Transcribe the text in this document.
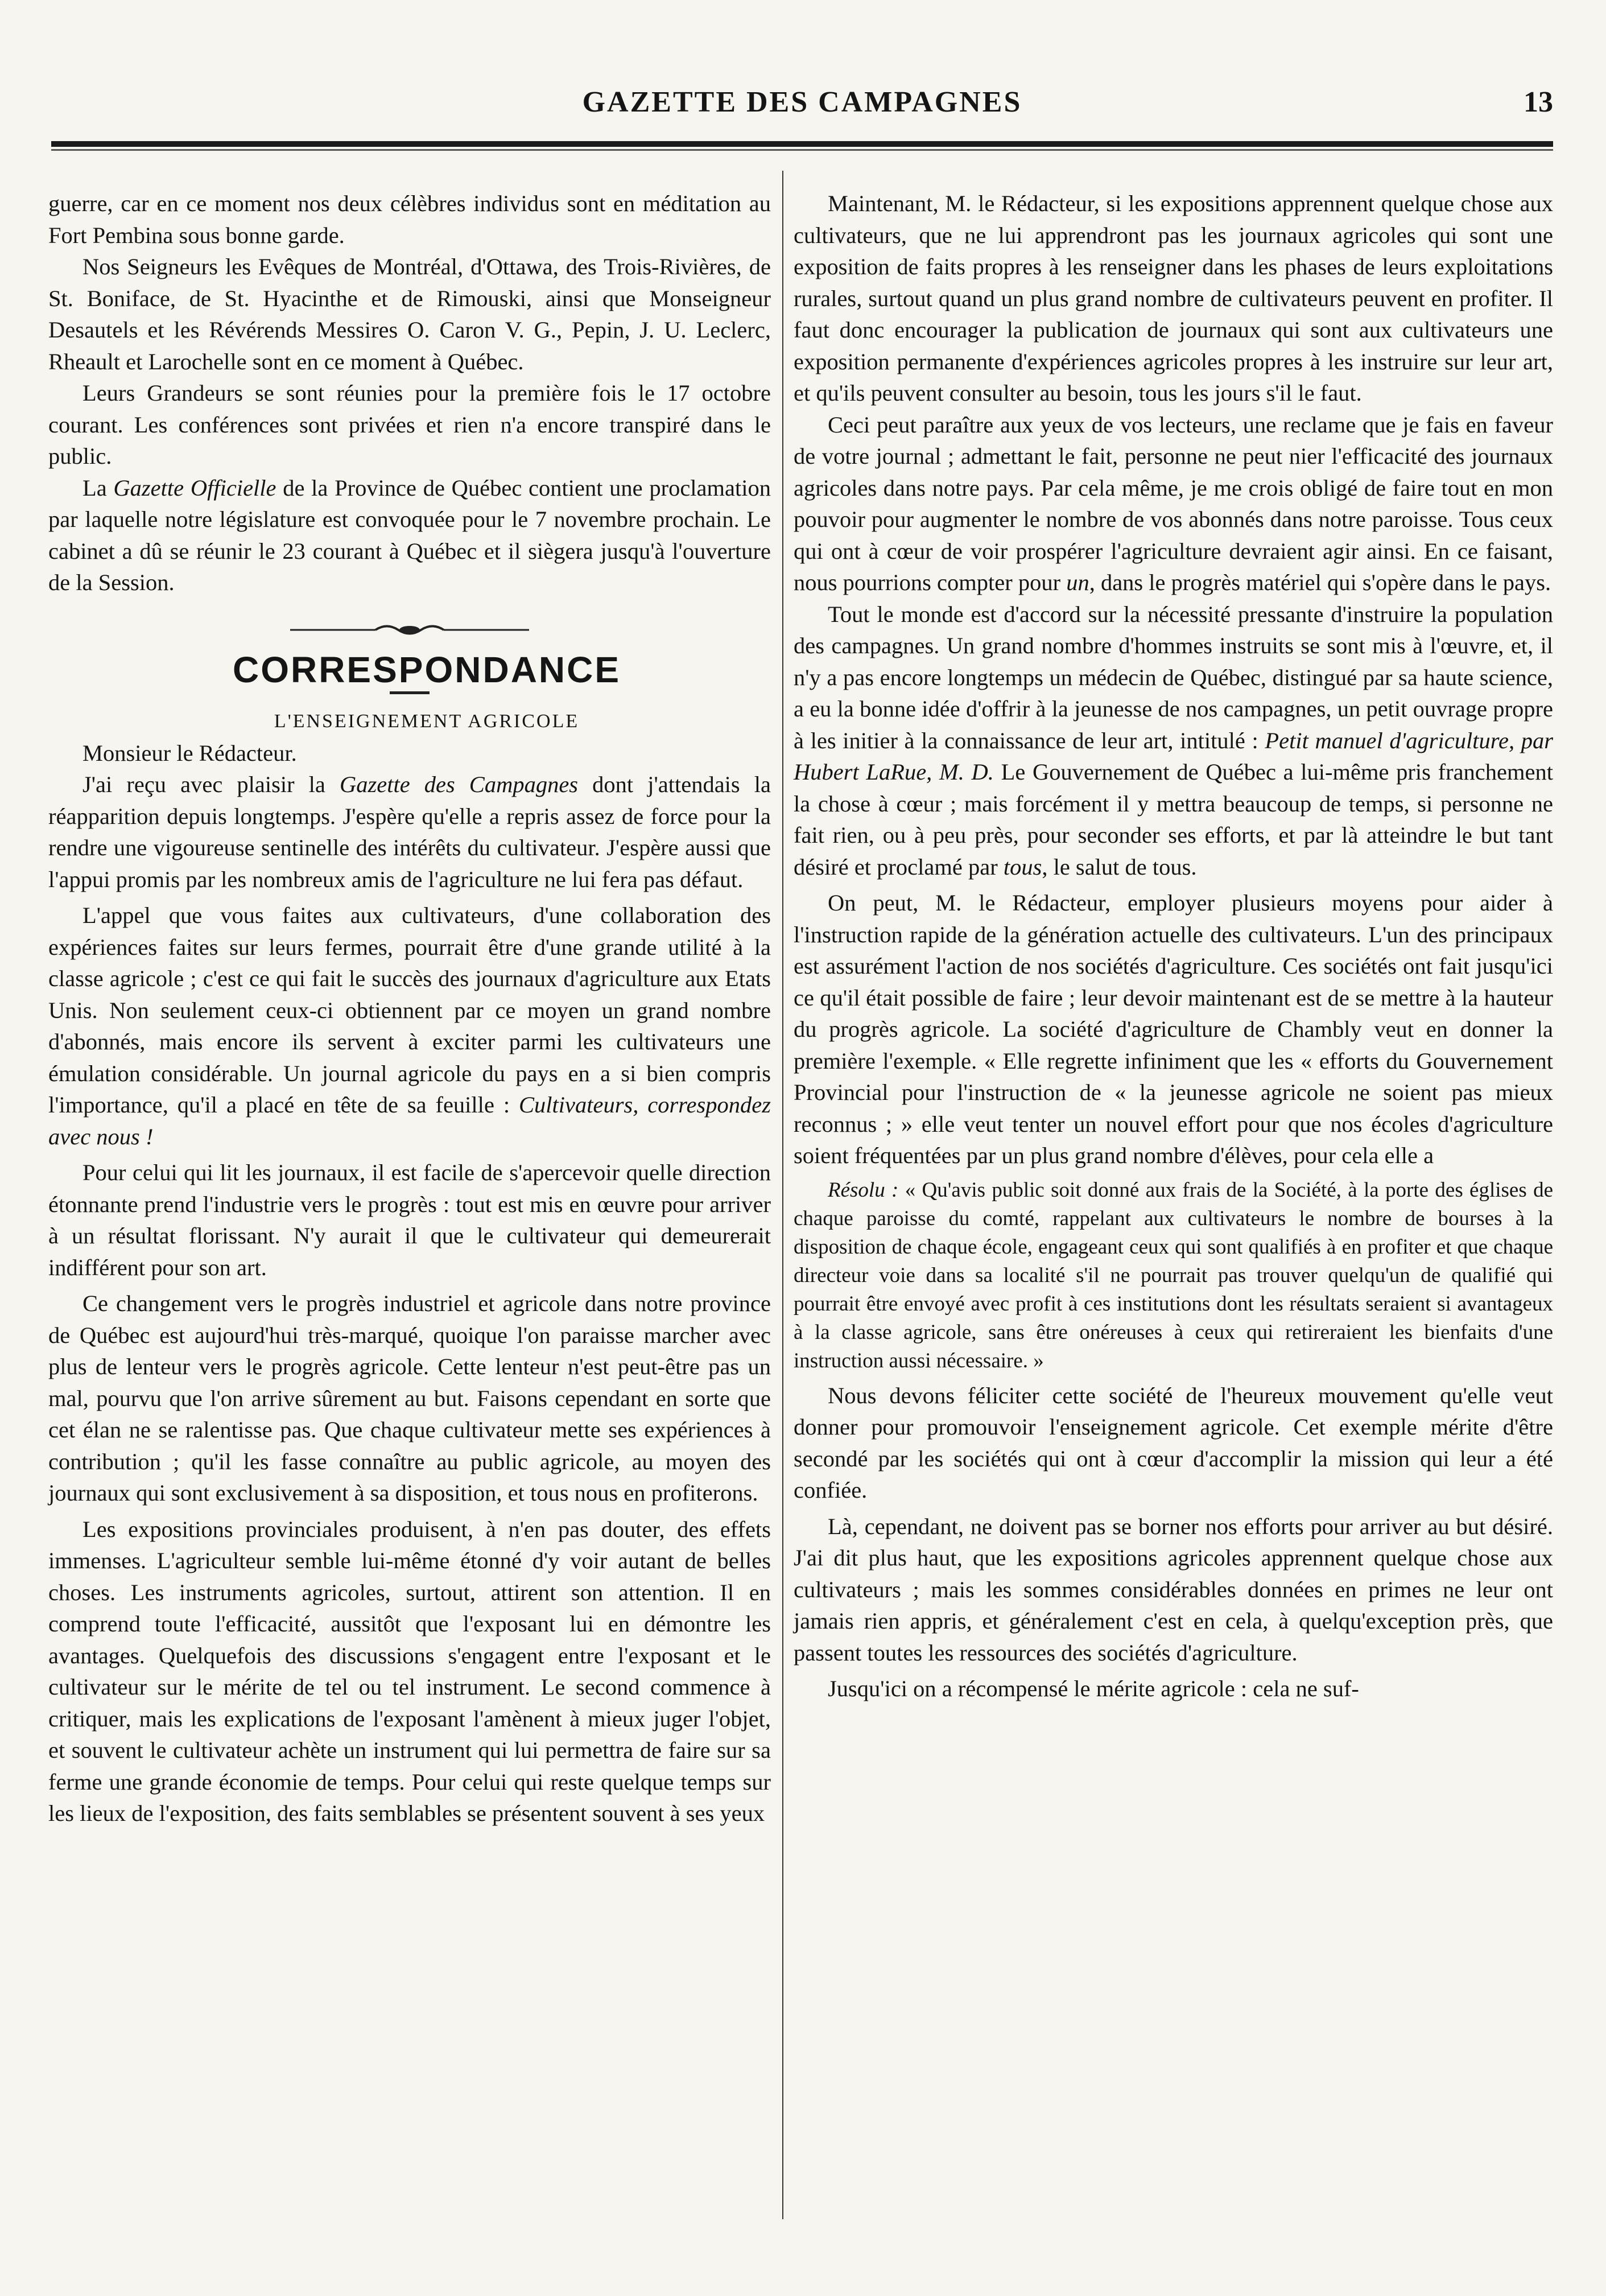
GAZETTE DES CAMPAGNES	13

guerre, car en ce moment nos deux célèbres individus sont en méditation au Fort Pembina sous bonne garde.

Nos Seigneurs les Evêques de Montréal, d'Ottawa, des Trois-Rivières, de St. Boniface, de St. Hyacinthe et de Rimouski, ainsi que Monseigneur Desautels et les Révérends Messires O. Caron V. G., Pepin, J. U. Leclerc, Rheault et Larochelle sont en ce moment à Québec.

Leurs Grandeurs se sont réunies pour la première fois le 17 octobre courant. Les conférences sont privées et rien n'a encore transpiré dans le public.

La Gazette Officielle de la Province de Québec contient une proclamation par laquelle notre législature est convoquée pour le 7 novembre prochain. Le cabinet a dû se réunir le 23 courant à Québec et il siègera jusqu'à l'ouverture de la Session.

CORRESPONDANCE

L'ENSEIGNEMENT AGRICOLE

Monsieur le Rédacteur.

J'ai reçu avec plaisir la Gazette des Campagnes dont j'attendais la réapparition depuis longtemps. J'espère qu'elle a repris assez de force pour la rendre une vigoureuse sentinelle des intérêts du cultivateur. J'espère aussi que l'appui promis par les nombreux amis de l'agriculture ne lui fera pas défaut.

L'appel que vous faites aux cultivateurs, d'une collaboration des expériences faites sur leurs fermes, pourrait être d'une grande utilité à la classe agricole ; c'est ce qui fait le succès des journaux d'agriculture aux Etats Unis. Non seulement ceux-ci obtiennent par ce moyen un grand nombre d'abonnés, mais encore ils servent à exciter parmi les cultivateurs une émulation considérable. Un journal agricole du pays en a si bien compris l'importance, qu'il a placé en tête de sa feuille : Cultivateurs, correspondez avec nous !

Pour celui qui lit les journaux, il est facile de s'apercevoir quelle direction étonnante prend l'industrie vers le progrès : tout est mis en œuvre pour arriver à un résultat florissant. N'y aurait il que le cultivateur qui demeurerait indifférent pour son art.

Ce changement vers le progrès industriel et agricole dans notre province de Québec est aujourd'hui très-marqué, quoique l'on paraisse marcher avec plus de lenteur vers le progrès agricole. Cette lenteur n'est peut-être pas un mal, pourvu que l'on arrive sûrement au but. Faisons cependant en sorte que cet élan ne se ralentisse pas. Que chaque cultivateur mette ses expériences à contribution ; qu'il les fasse connaître au public agricole, au moyen des journaux qui sont exclusivement à sa disposition, et tous nous en profiterons.

Les expositions provinciales produisent, à n'en pas douter, des effets immenses. L'agriculteur semble lui-même étonné d'y voir autant de belles choses. Les instruments agricoles, surtout, attirent son attention. Il en comprend toute l'efficacité, aussitôt que l'exposant lui en démontre les avantages. Quelquefois des discussions s'engagent entre l'exposant et le cultivateur sur le mérite de tel ou tel instrument. Le second commence à critiquer, mais les explications de l'exposant l'amènent à mieux juger l'objet, et souvent le cultivateur achète un instrument qui lui permettra de faire sur sa ferme une grande économie de temps. Pour celui qui reste quelque temps sur les lieux de l'exposition, des faits semblables se présentent souvent à ses yeux

Maintenant, M. le Rédacteur, si les expositions apprennent quelque chose aux cultivateurs, que ne lui apprendront pas les journaux agricoles qui sont une exposition de faits propres à les renseigner dans les phases de leurs exploitations rurales, surtout quand un plus grand nombre de cultivateurs peuvent en profiter. Il faut donc encourager la publication de journaux qui sont aux cultivateurs une exposition permanente d'expériences agricoles propres à les instruire sur leur art, et qu'ils peuvent consulter au besoin, tous les jours s'il le faut.

Ceci peut paraître aux yeux de vos lecteurs, une reclame que je fais en faveur de votre journal ; admettant le fait, personne ne peut nier l'efficacité des journaux agricoles dans notre pays. Par cela même, je me crois obligé de faire tout en mon pouvoir pour augmenter le nombre de vos abonnés dans notre paroisse. Tous ceux qui ont à cœur de voir prospérer l'agriculture devraient agir ainsi. En ce faisant, nous pourrions compter pour un, dans le progrès matériel qui s'opère dans le pays.

Tout le monde est d'accord sur la nécessité pressante d'instruire la population des campagnes. Un grand nombre d'hommes instruits se sont mis à l'œuvre, et, il n'y a pas encore longtemps un médecin de Québec, distingué par sa haute science, a eu la bonne idée d'offrir à la jeunesse de nos campagnes, un petit ouvrage propre à les initier à la connaissance de leur art, intitulé : Petit manuel d'agriculture, par Hubert LaRue, M. D. Le Gouvernement de Québec a lui-même pris franchement la chose à cœur ; mais forcément il y mettra beaucoup de temps, si personne ne fait rien, ou à peu près, pour seconder ses efforts, et par là atteindre le but tant désiré et proclamé par tous, le salut de tous.

On peut, M. le Rédacteur, employer plusieurs moyens pour aider à l'instruction rapide de la génération actuelle des cultivateurs. L'un des principaux est assurément l'action de nos sociétés d'agriculture. Ces sociétés ont fait jusqu'ici ce qu'il était possible de faire ; leur devoir maintenant est de se mettre à la hauteur du progrès agricole. La société d'agriculture de Chambly veut en donner la première l'exemple. « Elle regrette infiniment que les « efforts du Gouvernement Provincial pour l'instruction de « la jeunesse agricole ne soient pas mieux reconnus ; » elle veut tenter un nouvel effort pour que nos écoles d'agriculture soient fréquentées par un plus grand nombre d'élèves, pour cela elle a

Résolu : « Qu'avis public soit donné aux frais de la Société, à la porte des églises de chaque paroisse du comté, rappelant aux cultivateurs le nombre de bourses à la disposition de chaque école, engageant ceux qui sont qualifiés à en profiter et que chaque directeur voie dans sa localité s'il ne pourrait pas trouver quelqu'un de qualifié qui pourrait être envoyé avec profit à ces institutions dont les résultats seraient si avantageux à la classe agricole, sans être onéreuses à ceux qui retireraient les bienfaits d'une instruction aussi nécessaire. »

Nous devons féliciter cette société de l'heureux mouvement qu'elle veut donner pour promouvoir l'enseignement agricole. Cet exemple mérite d'être secondé par les sociétés qui ont à cœur d'accomplir la mission qui leur a été confiée.

Là, cependant, ne doivent pas se borner nos efforts pour arriver au but désiré. J'ai dit plus haut, que les expositions agricoles apprennent quelque chose aux cultivateurs ; mais les sommes considérables données en primes ne leur ont jamais rien appris, et généralement c'est en cela, à quelqu'exception près, que passent toutes les ressources des sociétés d'agriculture.

Jusqu'ici on a récompensé le mérite agricole : cela ne suf-
